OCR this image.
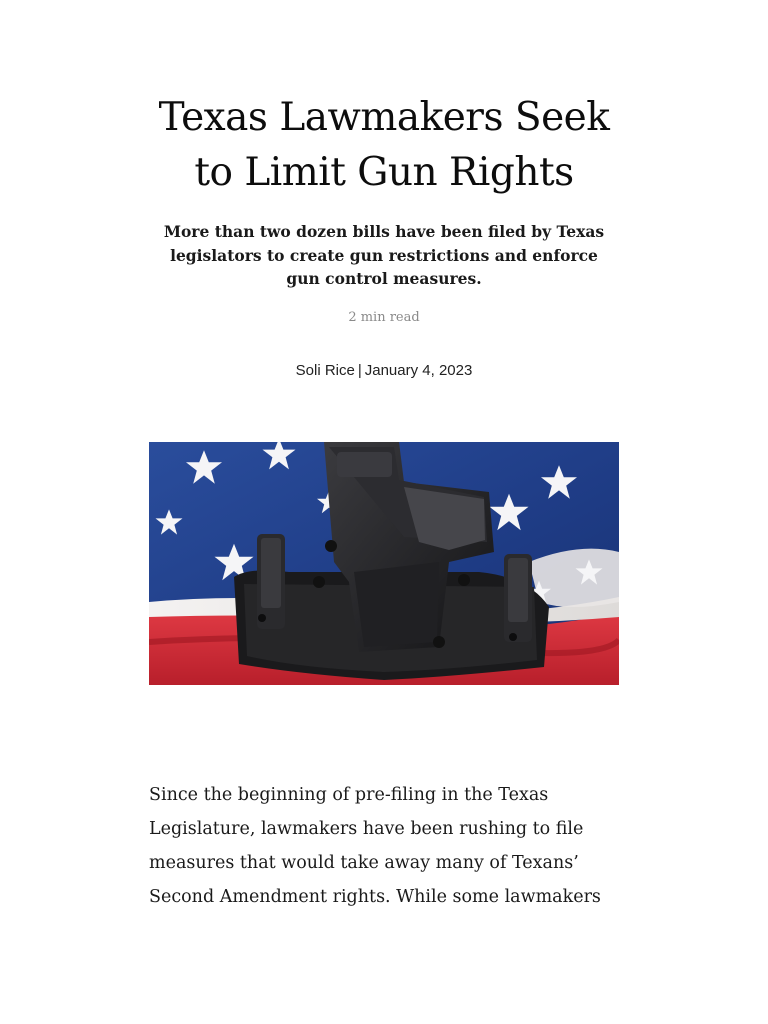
Texas Lawmakers Seek
to Limit Gun Rights

More than two dozen bills have been filed by Texas
legislators to create gun restrictions and enforce
gun control measures.

2 min read
Soli Rice | January 4, 2023

Since the beginning of pre-filing in the Texas
Legislature, lawmakers have been rushing to file
measures that would take away many of Texans’
Second Amendment rights. While some lawmakers
